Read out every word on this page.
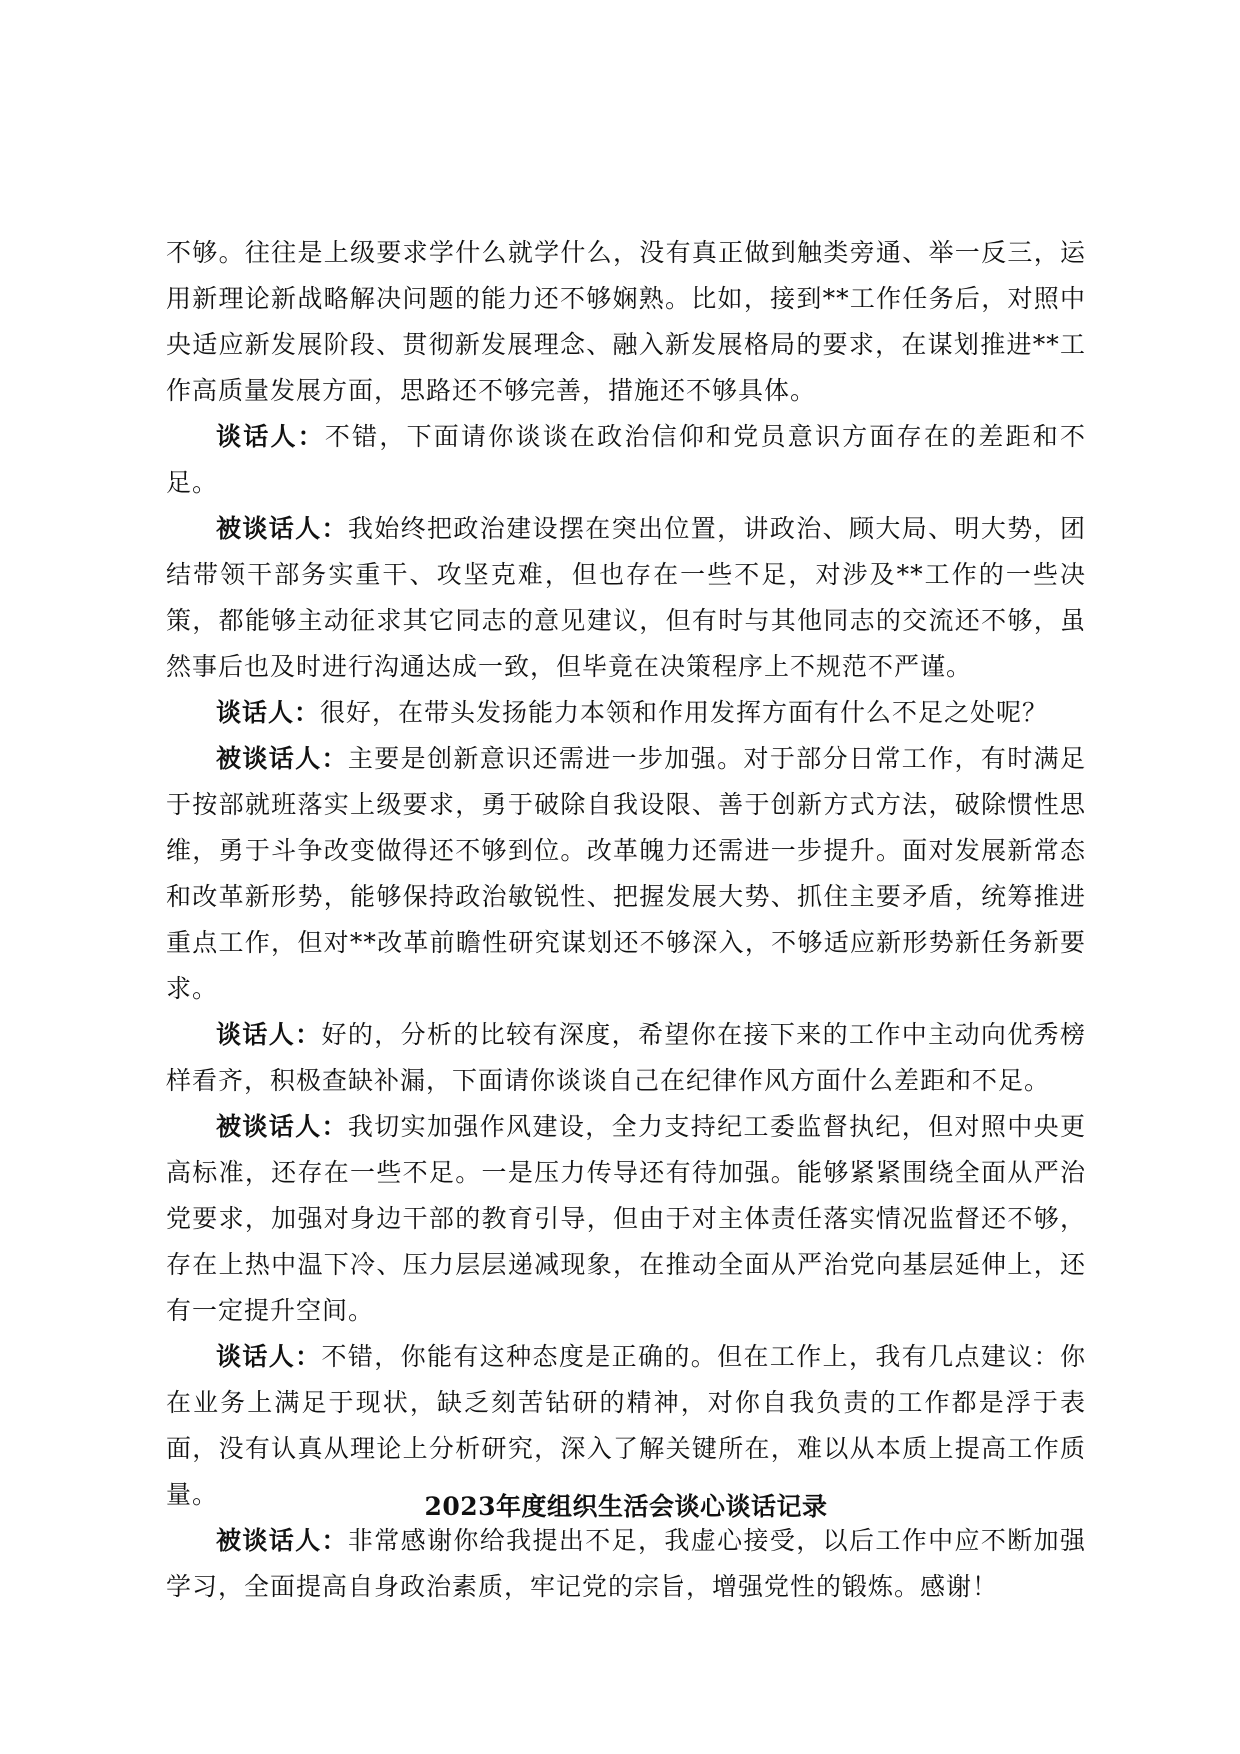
不够。往往是上级要求学什么就学什么，没有真正做到触类旁通、举一反三，运用新理论新战略解决问题的能力还不够娴熟。比如，接到**工作任务后，对照中央适应新发展阶段、贯彻新发展理念、融入新发展格局的要求，在谋划推进**工作高质量发展方面，思路还不够完善，措施还不够具体。

谈话人：不错，下面请你谈谈在政治信仰和党员意识方面存在的差距和不足。

被谈话人：我始终把政治建设摆在突出位置，讲政治、顾大局、明大势，团结带领干部务实重干、攻坚克难，但也存在一些不足，对涉及**工作的一些决策，都能够主动征求其它同志的意见建议，但有时与其他同志的交流还不够，虽然事后也及时进行沟通达成一致，但毕竟在决策程序上不规范不严谨。

谈话人：很好，在带头发扬能力本领和作用发挥方面有什么不足之处呢？

被谈话人：主要是创新意识还需进一步加强。对于部分日常工作，有时满足于按部就班落实上级要求，勇于破除自我设限、善于创新方式方法，破除惯性思维，勇于斗争改变做得还不够到位。改革魄力还需进一步提升。面对发展新常态和改革新形势，能够保持政治敏锐性、把握发展大势、抓住主要矛盾，统筹推进重点工作，但对**改革前瞻性研究谋划还不够深入，不够适应新形势新任务新要求。

谈话人：好的，分析的比较有深度，希望你在接下来的工作中主动向优秀榜样看齐，积极查缺补漏，下面请你谈谈自己在纪律作风方面什么差距和不足。

被谈话人：我切实加强作风建设，全力支持纪工委监督执纪，但对照中央更高标准，还存在一些不足。一是压力传导还有待加强。能够紧紧围绕全面从严治党要求，加强对身边干部的教育引导，但由于对主体责任落实情况监督还不够，存在上热中温下冷、压力层层递减现象，在推动全面从严治党向基层延伸上，还有一定提升空间。

谈话人：不错，你能有这种态度是正确的。但在工作上，我有几点建议：你在业务上满足于现状，缺乏刻苦钻研的精神，对你自我负责的工作都是浮于表面，没有认真从理论上分析研究，深入了解关键所在，难以从本质上提高工作质量。

被谈话人：非常感谢你给我提出不足，我虚心接受，以后工作中应不断加强学习，全面提高自身政治素质，牢记党的宗旨，增强党性的锻炼。感谢！

2023年度组织生活会谈心谈话记录
